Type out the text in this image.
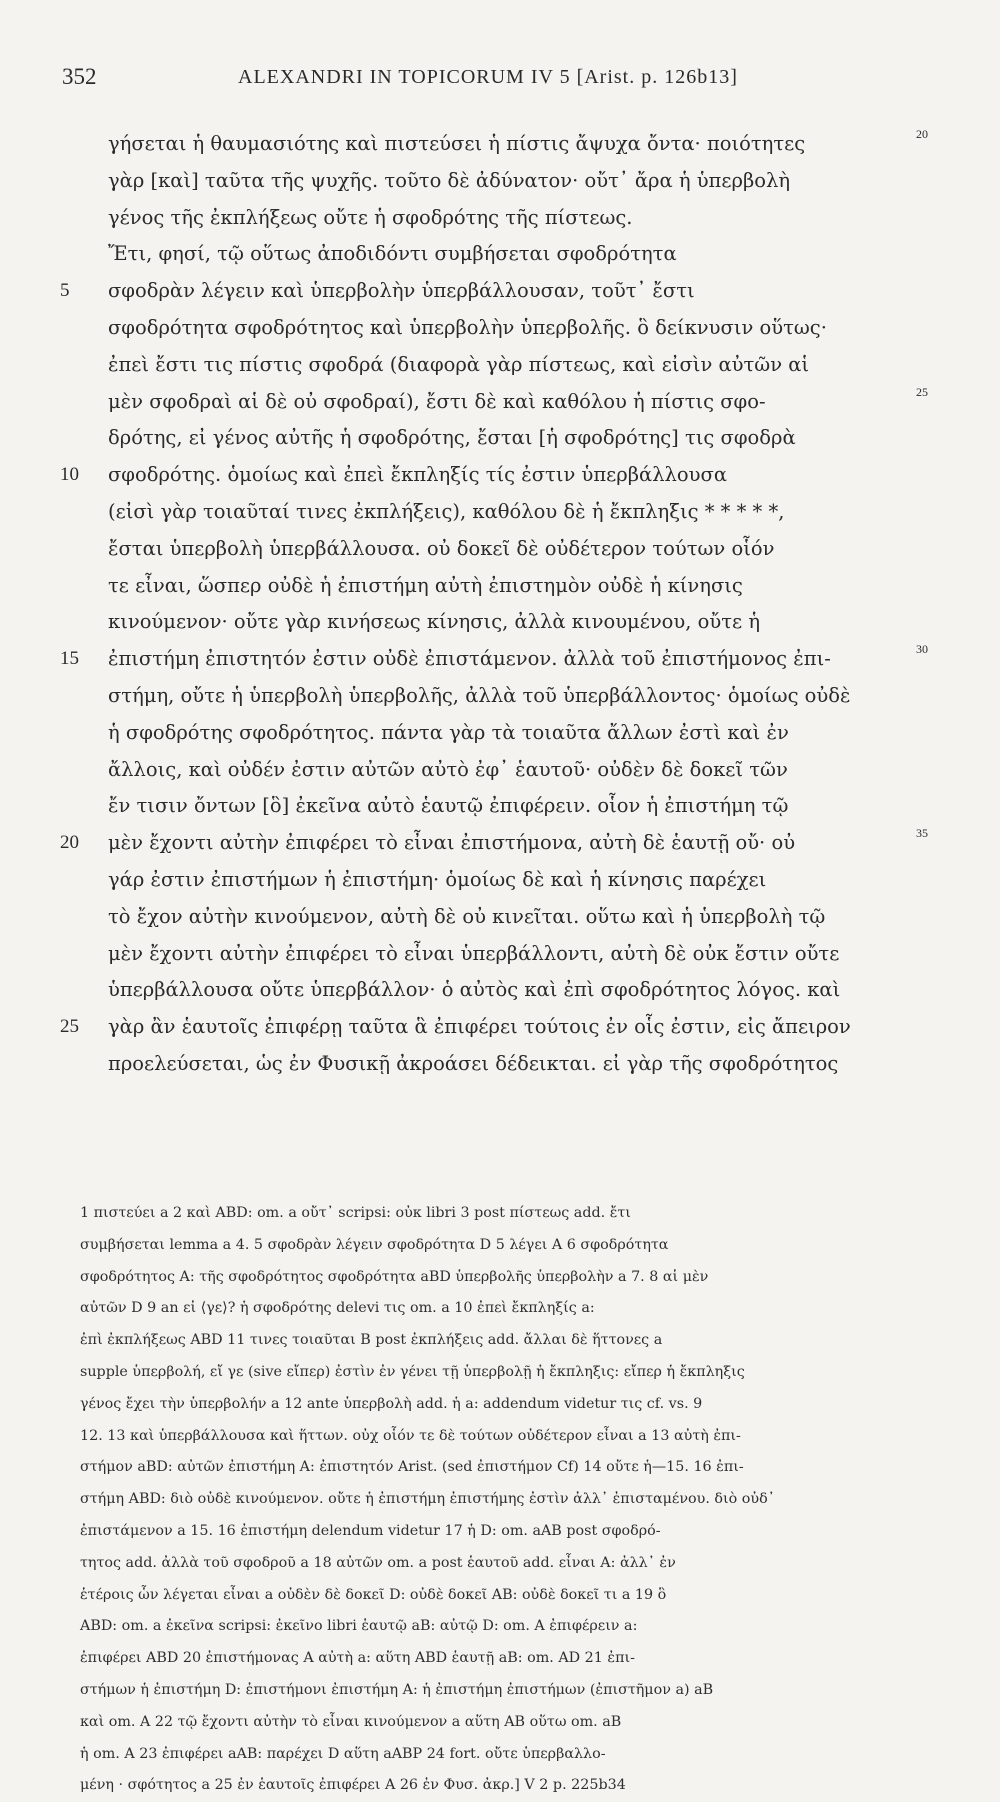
352	ALEXANDRI IN TOPICORUM IV 5 [Arist. p. 126b13]
γήσεται ἡ θαυμασιότης καὶ πιστεύσει ἡ πίστις ἄψυχα ὄντα· ποιότητες	20
γὰρ [καὶ] ταῦτα τῆς ψυχῆς. τοῦτο δὲ ἀδύνατον· οὔτ᾽ ἄρα ἡ ὑπερβολὴ
γένος τῆς ἐκπλήξεως οὔτε ἡ σφοδρότης τῆς πίστεως.
Ἔτι, φησί, τῷ οὕτως ἀποδιδόντι συμβήσεται σφοδρότητα
5 σφοδρὰν λέγειν καὶ ὑπερβολὴν ὑπερβάλλουσαν, τοῦτ᾽ ἔστι
σφοδρότητα σφοδρότητος καὶ ὑπερβολὴν ὑπερβολῆς. ὃ δείκνυσιν οὕτως·
ἐπεὶ ἔστι τις πίστις σφοδρά (διαφορὰ γὰρ πίστεως, καὶ εἰσὶν αὐτῶν αἱ
μὲν σφοδραὶ αἱ δὲ οὐ σφοδραί), ἔστι δὲ καὶ καθόλου ἡ πίστις σφο-	25
δρότης, εἰ γένος αὐτῆς ἡ σφοδρότης, ἔσται [ἡ σφοδρότης] τις σφοδρὰ
10 σφοδρότης. ὁμοίως καὶ ἐπεὶ ἔκπληξίς τίς ἐστιν ὑπερβάλλουσα
(εἰσὶ γὰρ τοιαῦταί τινες ἐκπλήξεις), καθόλου δὲ ἡ ἔκπληξις * * * * *,
ἔσται ὑπερβολὴ ὑπερβάλλουσα. οὐ δοκεῖ δὲ οὐδέτερον τούτων οἷόν
τε εἶναι, ὥσπερ οὐδὲ ἡ ἐπιστήμη αὐτὴ ἐπιστημὸν οὐδὲ ἡ κίνησις
κινούμενον· οὔτε γὰρ κινήσεως κίνησις, ἀλλὰ κινουμένου, οὔτε ἡ
15 ἐπιστήμη ἐπιστητόν ἐστιν οὐδὲ ἐπιστάμενον. ἀλλὰ τοῦ ἐπιστήμονος ἐπι-	30
στήμη, οὔτε ἡ ὑπερβολὴ ὑπερβολῆς, ἀλλὰ τοῦ ὑπερβάλλοντος· ὁμοίως οὐδὲ
ἡ σφοδρότης σφοδρότητος. πάντα γὰρ τὰ τοιαῦτα ἄλλων ἐστὶ καὶ ἐν
ἄλλοις, καὶ οὐδέν ἐστιν αὐτῶν αὐτὸ ἐφ᾽ ἑαυτοῦ· οὐδὲν δὲ δοκεῖ τῶν
ἔν τισιν ὄντων [ὃ] ἐκεῖνα αὐτὸ ἑαυτῷ ἐπιφέρειν. οἷον ἡ ἐπιστήμη τῷ
20 μὲν ἔχοντι αὐτὴν ἐπιφέρει τὸ εἶναι ἐπιστήμονα, αὐτὴ δὲ ἑαυτῇ οὔ· οὐ	35
γάρ ἐστιν ἐπιστήμων ἡ ἐπιστήμη· ὁμοίως δὲ καὶ ἡ κίνησις παρέχει
τὸ ἔχον αὐτὴν κινούμενον, αὐτὴ δὲ οὐ κινεῖται. οὕτω καὶ ἡ ὑπερβολὴ τῷ
μὲν ἔχοντι αὐτὴν ἐπιφέρει τὸ εἶναι ὑπερβάλλοντι, αὐτὴ δὲ οὐκ ἔστιν οὔτε
ὑπερβάλλουσα οὔτε ὑπερβάλλον· ὁ αὐτὸς καὶ ἐπὶ σφοδρότητος λόγος. καὶ
25 γὰρ ἂν ἑαυτοῖς ἐπιφέρῃ ταῦτα ἃ ἐπιφέρει τούτοις ἐν οἷς ἐστιν, εἰς ἄπειρον
προελεύσεται, ὡς ἐν Φυσικῇ ἀκροάσει δέδεικται. εἰ γὰρ τῆς σφοδρότητος
1 πιστεύει a 2 καὶ ABD: om. a οὔτ᾽ scripsi: οὐκ libri 3 post πίστεως add. ἔτι
συμβήσεται lemma a 4. 5 σφοδρὰν λέγειν σφοδρότητα D 5 λέγει A 6 σφοδρότητα
σφοδρότητος A: τῆς σφοδρότητος σφοδρότητα aBD ὑπερβολῆς ὑπερβολὴν a 7. 8 αἱ μὲν
αὐτῶν D 9 an εἰ ⟨γε⟩? ἡ σφοδρότης delevi τις om. a 10 ἐπεὶ ἔκπληξίς a:
ἐπὶ ἐκπλήξεως ABD 11 τινες τοιαῦται B post ἐκπλήξεις add. ἄλλαι δὲ ἥττονες a
supple ὑπερβολή, εἴ γε (sive εἴπερ) ἐστὶν ἐν γένει τῇ ὑπερβολῇ ἡ ἔκπληξις: εἴπερ ἡ ἔκπληξις
γένος ἔχει τὴν ὑπερβολήν a 12 ante ὑπερβολὴ add. ἡ a: addendum videtur τις cf. vs. 9
12. 13 καὶ ὑπερβάλλουσα καὶ ἥττων. οὐχ οἷόν τε δὲ τούτων οὐδέτερον εἶναι a 13 αὐτὴ ἐπι-
στήμον aBD: αὐτῶν ἐπιστήμη A: ἐπιστητόν Arist. (sed ἐπιστήμον Cf) 14 οὔτε ἡ—15. 16 ἐπι-
στήμη ABD: διὸ οὐδὲ κινούμενον. οὔτε ἡ ἐπιστήμη ἐπιστήμης ἐστὶν ἀλλ᾽ ἐπισταμένου. διὸ οὐδ᾽
ἐπιστάμενον a 15. 16 ἐπιστήμη delendum videtur 17 ἡ D: om. aAB post σφοδρό-
τητος add. ἀλλὰ τοῦ σφοδροῦ a 18 αὐτῶν om. a post ἑαυτοῦ add. εἶναι A: ἀλλ᾽ ἐν
ἑτέροις ὧν λέγεται εἶναι a οὐδὲν δὲ δοκεῖ D: οὐδὲ δοκεῖ AB: οὐδὲ δοκεῖ τι a 19 ὃ
ABD: om. a ἐκεῖνα scripsi: ἐκεῖνο libri ἑαυτῷ aB: αὐτῷ D: om. A ἐπιφέρειν a:
ἐπιφέρει ABD 20 ἐπιστήμονας A αὐτὴ a: αὕτη ABD ἑαυτῇ aB: om. AD 21 ἐπι-
στήμων ἡ ἐπιστήμη D: ἐπιστήμονι ἐπιστήμη A: ἡ ἐπιστήμη ἐπιστήμων (ἐπιστῆμον a) aB
καὶ om. A 22 τῷ ἔχοντι αὐτὴν τὸ εἶναι κινούμενον a αὕτη AB οὕτω om. aB
ἡ om. A 23 ἐπιφέρει aAB: παρέχει D αὕτη aABP 24 fort. οὔτε ὑπερβαλλο-
μένη · σφότητος a 25 ἐν ἑαυτοῖς ἐπιφέρει A 26 ἐν Φυσ. ἀκρ.] V 2 p. 225b34
